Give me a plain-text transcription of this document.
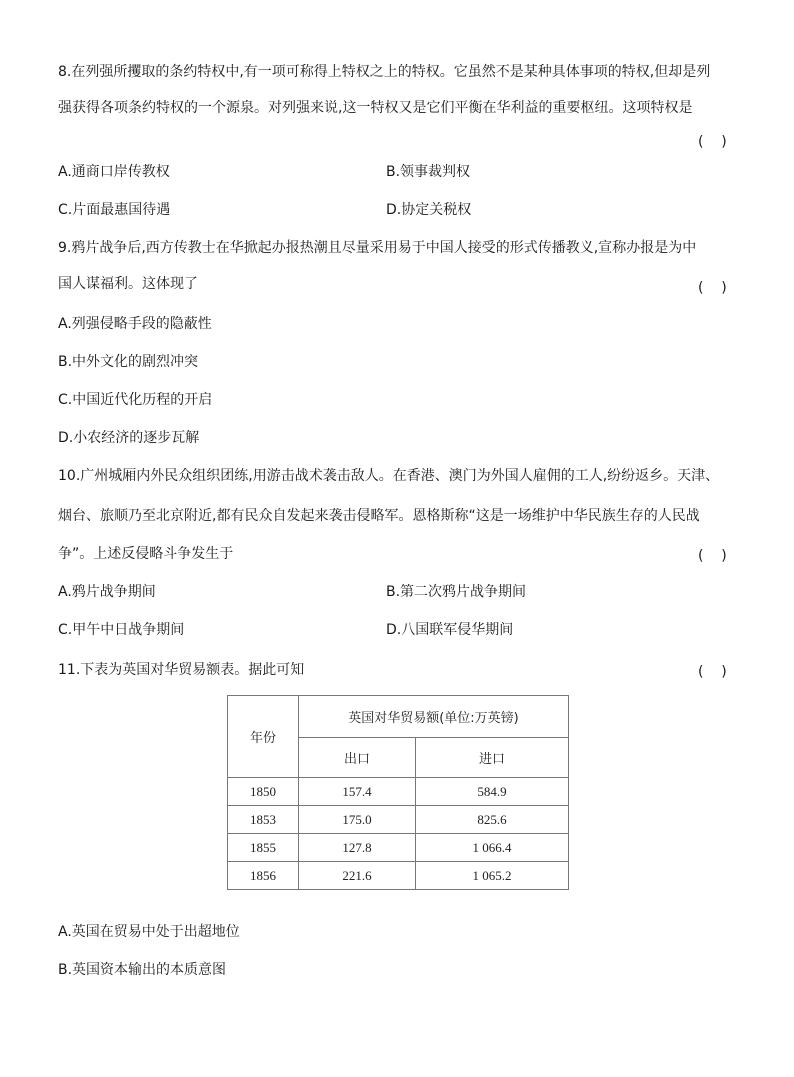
8.在列强所攫取的条约特权中,有一项可称得上特权之上的特权。它虽然不是某种具体事项的特权,但却是列
强获得各项条约特权的一个源泉。对列强来说,这一特权又是它们平衡在华利益的重要枢纽。这项特权是
(    )
A.通商口岸传教权	B.领事裁判权
C.片面最惠国待遇	D.协定关税权
9.鸦片战争后,西方传教士在华掀起办报热潮且尽量采用易于中国人接受的形式传播教义,宣称办报是为中
国人谋福利。这体现了	(    )
A.列强侵略手段的隐蔽性
B.中外文化的剧烈冲突
C.中国近代化历程的开启
D.小农经济的逐步瓦解
10.广州城厢内外民众组织团练,用游击战术袭击敌人。在香港、澳门为外国人雇佣的工人,纷纷返乡。天津、
烟台、旅顺乃至北京附近,都有民众自发起来袭击侵略军。恩格斯称“这是一场维护中华民族生存的人民战
争”。上述反侵略斗争发生于	(    )
A.鸦片战争期间	B.第二次鸦片战争期间
C.甲午中日战争期间	D.八国联军侵华期间
11.下表为英国对华贸易额表。据此可知	(    )
年份	英国对华贸易额(单位:万英镑)	
	出口	进口
1850	157.4	584.9
1853	175.0	825.6
1855	127.8	1 066.4
1856	221.6	1 065.2
A.英国在贸易中处于出超地位
B.英国资本输出的本质意图
